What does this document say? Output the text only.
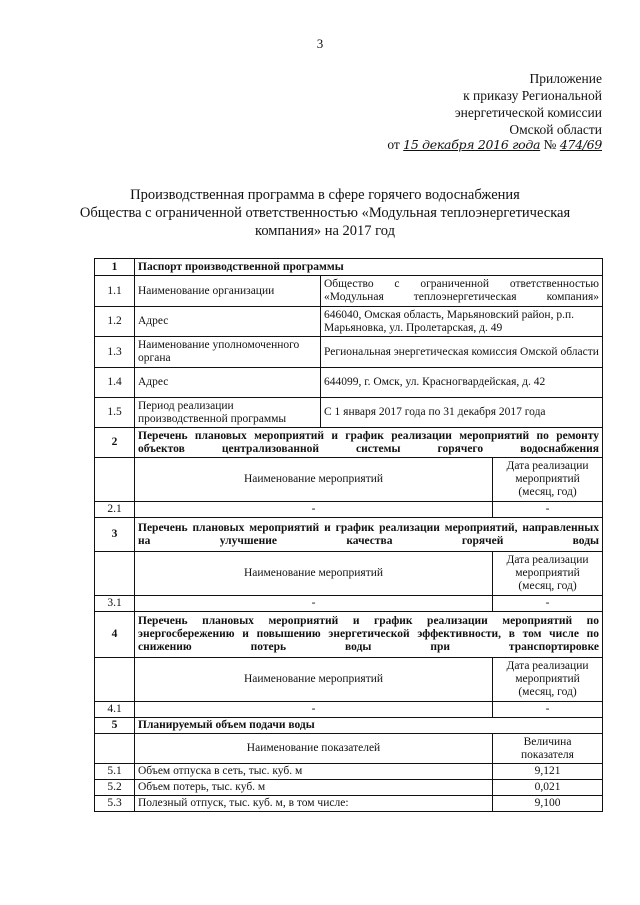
3
Приложение
к приказу Региональной
энергетической комиссии
Омской области
от 15 декабря 2016 года № 474/69
Производственная программа в сфере горячего водоснабжения
Общества с ограниченной ответственностью «Модульная теплоэнергетическая
компания» на 2017 год
1	Паспорт производственной программы		
1.1	Наименование организации	Общество с ограниченной ответственностью «Модульная теплоэнергетическая компания»	
1.2	Адрес	646040, Омская область, Марьяновский район, р.п. Марьяновка, ул. Пролетарская, д. 49	
1.3	Наименование уполномоченного органа	Региональная энергетическая комиссия Омской области	
1.4	Адрес	644099, г. Омск, ул. Красногвардейская, д. 42	
1.5	Период реализации производственной программы	С 1 января 2017 года по 31 декабря 2017 года	
2	Перечень плановых мероприятий и график реализации мероприятий по ремонту объектов централизованной системы горячего водоснабжения		
	Наименование мероприятий		Дата реализации мероприятий (месяц, год)
2.1	-		-
3	Перечень плановых мероприятий и график реализации мероприятий, направленных на улучшение качества горячей воды		
	Наименование мероприятий		Дата реализации мероприятий (месяц, год)
3.1	-		-
4	Перечень плановых мероприятий и график реализации мероприятий по энергосбережению и повышению энергетической эффективности, в том числе по снижению потерь воды при транспортировке		
	Наименование мероприятий		Дата реализации мероприятий (месяц, год)
4.1	-		-
5	Планируемый объем подачи воды		
	Наименование показателей		Величина показателя
5.1	Объем отпуска в сеть, тыс. куб. м		9,121
5.2	Объем потерь, тыс. куб. м		0,021
5.3	Полезный отпуск, тыс. куб. м, в том числе:		9,100
